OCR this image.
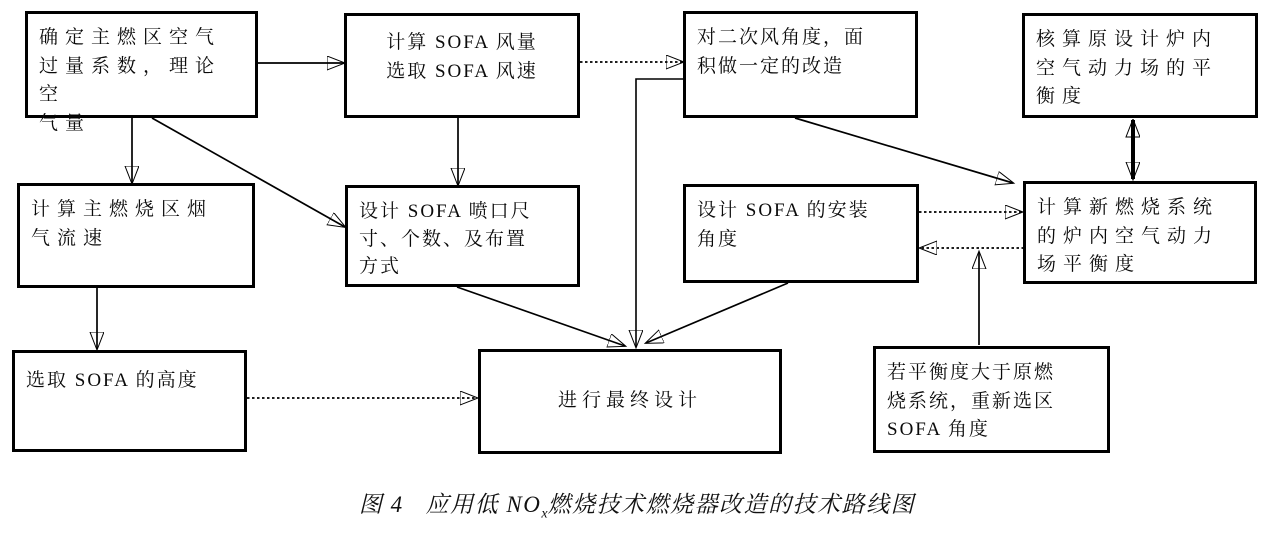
确定主燃区空气
过量系数，理论空
气量
计算 SOFA 风量
选取 SOFA 风速
对二次风角度，面
积做一定的改造
核算原设计炉内
空气动力场的平
衡度
计算主燃烧区烟
气流速
设计 SOFA 喷口尺
寸、个数、及布置
方式
设计 SOFA 的安装
角度
计算新燃烧系统
的炉内空气动力
场平衡度
选取 SOFA 的高度
进行最终设计
若平衡度大于原燃
烧系统，重新选区
SOFA 角度
图 4 应用低 $NO_x$燃烧技术燃烧器改造的技术路线图
